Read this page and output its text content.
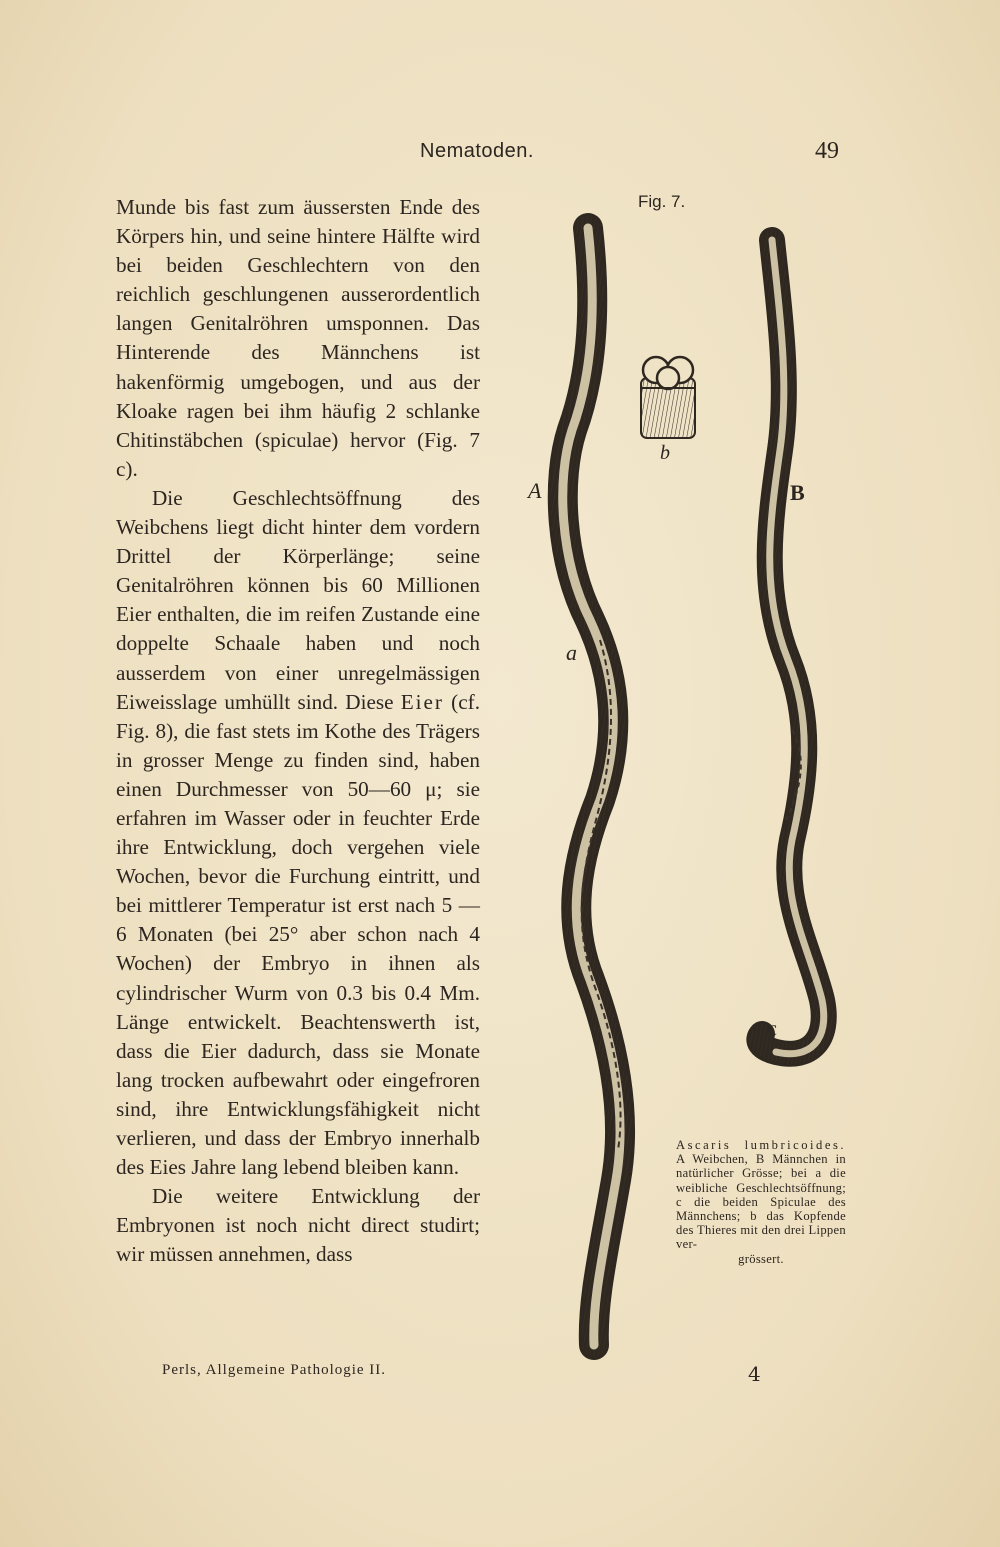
Nematoden.	49

Munde bis fast zum äussersten Ende des Körpers hin, und seine hintere Hälfte wird bei beiden Geschlechtern von den reichlich geschlungenen ausserordentlich langen Genitalröhren umsponnen. Das Hinterende des Männchens ist hakenförmig umgebogen, und aus der Kloake ragen bei ihm häufig 2 schlanke Chitinstäbchen (spiculae) hervor (Fig. 7 c).

Die Geschlechtsöffnung des Weibchens liegt dicht hinter dem vordern Drittel der Körperlänge; seine Genitalröhren können bis 60 Millionen Eier enthalten, die im reifen Zustande eine doppelte Schaale haben und noch ausserdem von einer unregelmässigen Eiweisslage umhüllt sind. Diese Eier (cf. Fig. 8), die fast stets im Kothe des Trägers in grosser Menge zu finden sind, haben einen Durchmesser von 50—60 μ; sie erfahren im Wasser oder in feuchter Erde ihre Entwicklung, doch vergehen viele Wochen, bevor die Furchung eintritt, und bei mittlerer Temperatur ist erst nach 5 — 6 Monaten (bei 25° aber schon nach 4 Wochen) der Embryo in ihnen als cylindrischer Wurm von 0.3 bis 0.4 Mm. Länge entwickelt. Beachtenswerth ist, dass die Eier dadurch, dass sie Monate lang trocken aufbewahrt oder eingefroren sind, ihre Entwicklungsfähigkeit nicht verlieren, und dass der Embryo innerhalb des Eies Jahre lang lebend bleiben kann.

Die weitere Entwicklung der Embryonen ist noch nicht direct studirt; wir müssen annehmen, dass

Perls, Allgemeine Pathologie II.	4
Fig. 7.
A	B
a
b
c
Ascaris lumbricoides. A Weibchen, B Männchen in natürlicher Grösse; bei a die weibliche Geschlechtsöffnung; c die beiden Spiculae des Männchens; b das Kopfende des Thieres mit den drei Lippen ver-
grössert.
